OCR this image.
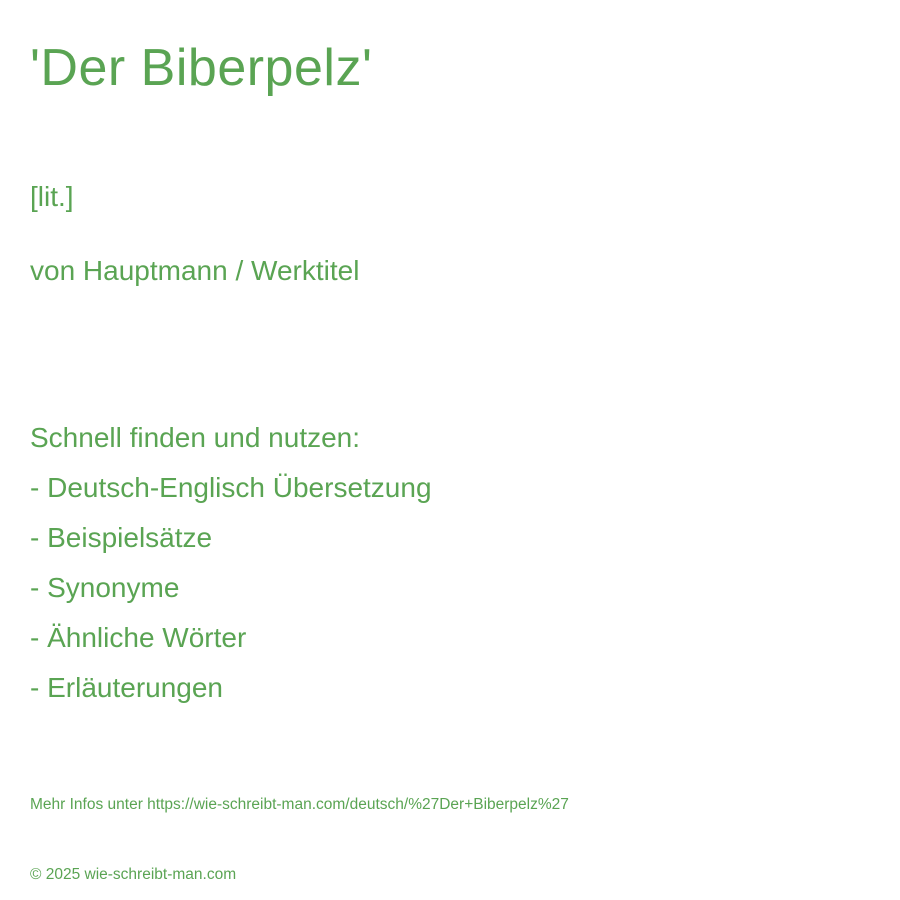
'Der Biberpelz'
[lit.]
von Hauptmann / Werktitel
Schnell finden und nutzen:
- Deutsch-Englisch Übersetzung
- Beispielsätze
- Synonyme
- Ähnliche Wörter
- Erläuterungen
Mehr Infos unter https://wie-schreibt-man.com/deutsch/%27Der+Biberpelz%27
© 2025 wie-schreibt-man.com
